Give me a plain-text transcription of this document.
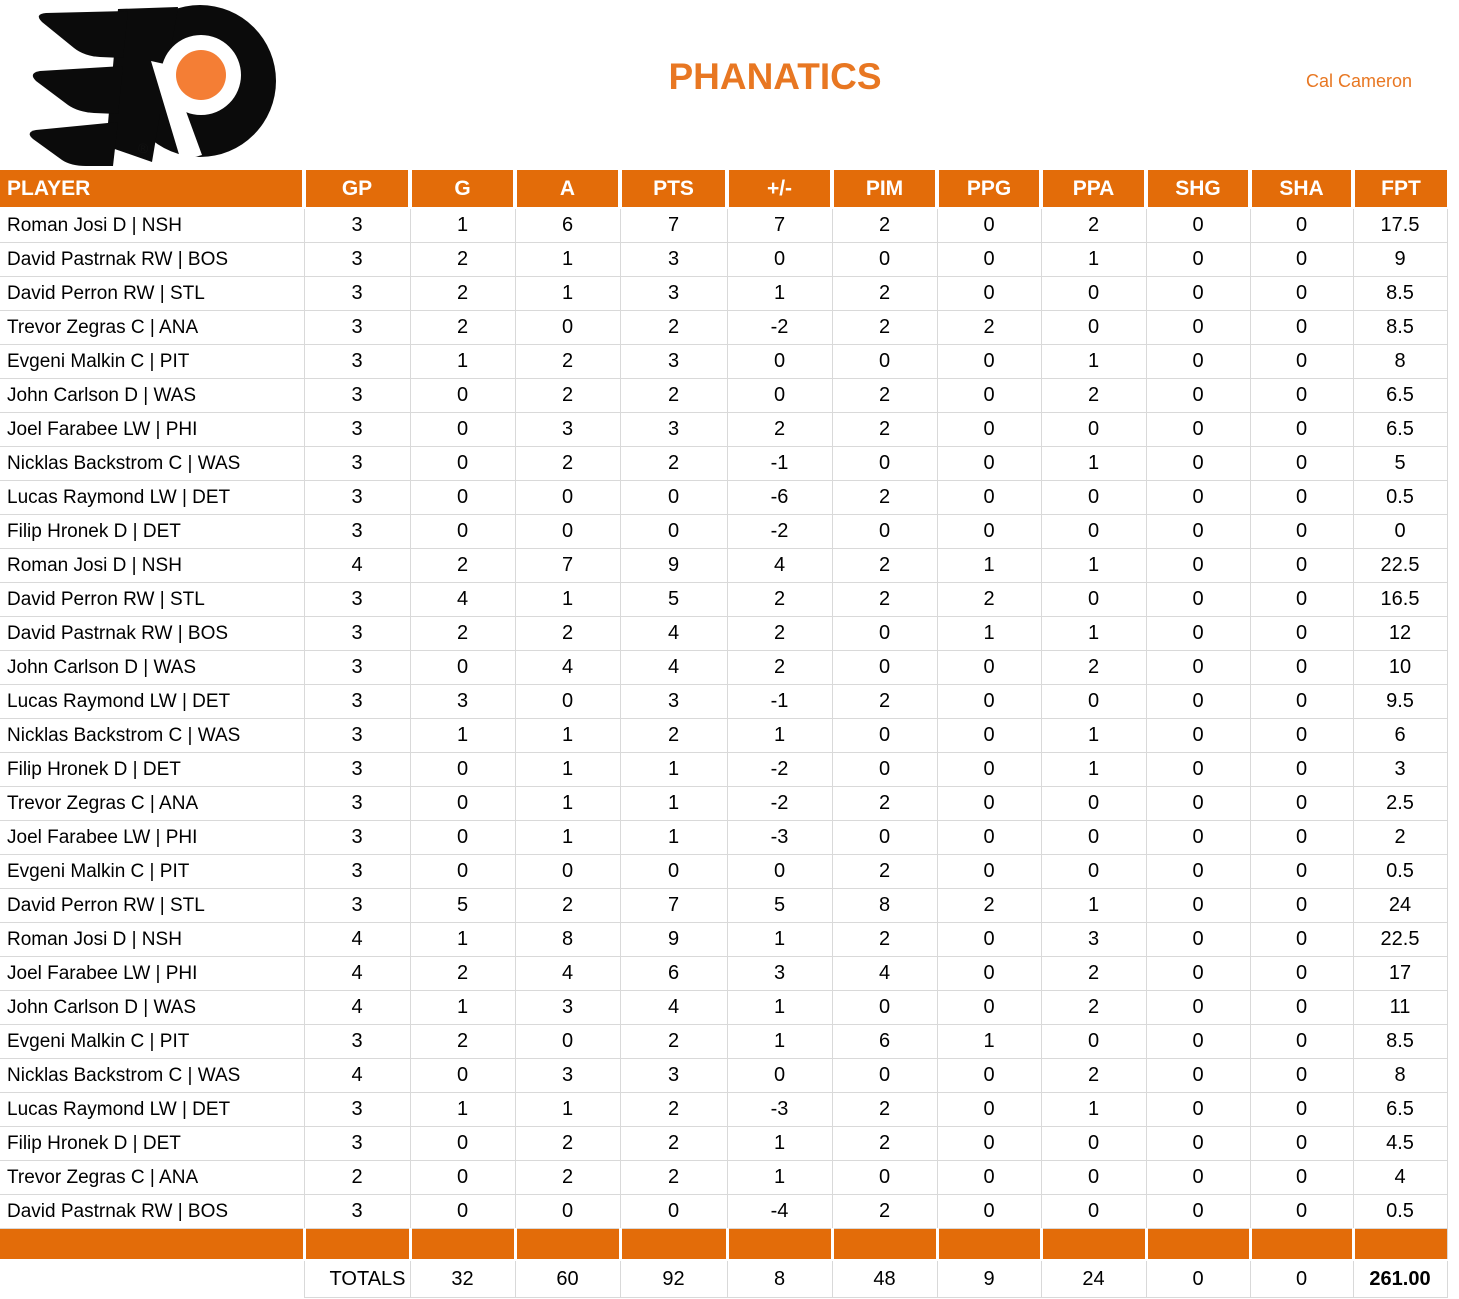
®
PHANATICS	Cal Cameron
PLAYER	GP	G	A	PTS	+/-	PIM	PPG	PPA	SHG	SHA	FPT
Roman Josi D | NSH	3	1	6	7	7	2	0	2	0	0	17.5
David Pastrnak RW | BOS	3	2	1	3	0	0	0	1	0	0	9
David Perron RW | STL	3	2	1	3	1	2	0	0	0	0	8.5
Trevor Zegras C | ANA	3	2	0	2	-2	2	2	0	0	0	8.5
Evgeni Malkin C | PIT	3	1	2	3	0	0	0	1	0	0	8
John Carlson D | WAS	3	0	2	2	0	2	0	2	0	0	6.5
Joel Farabee LW | PHI	3	0	3	3	2	2	0	0	0	0	6.5
Nicklas Backstrom C | WAS	3	0	2	2	-1	0	0	1	0	0	5
Lucas Raymond LW | DET	3	0	0	0	-6	2	0	0	0	0	0.5
Filip Hronek D | DET	3	0	0	0	-2	0	0	0	0	0	0
Roman Josi D | NSH	4	2	7	9	4	2	1	1	0	0	22.5
David Perron RW | STL	3	4	1	5	2	2	2	0	0	0	16.5
David Pastrnak RW | BOS	3	2	2	4	2	0	1	1	0	0	12
John Carlson D | WAS	3	0	4	4	2	0	0	2	0	0	10
Lucas Raymond LW | DET	3	3	0	3	-1	2	0	0	0	0	9.5
Nicklas Backstrom C | WAS	3	1	1	2	1	0	0	1	0	0	6
Filip Hronek D | DET	3	0	1	1	-2	0	0	1	0	0	3
Trevor Zegras C | ANA	3	0	1	1	-2	2	0	0	0	0	2.5
Joel Farabee LW | PHI	3	0	1	1	-3	0	0	0	0	0	2
Evgeni Malkin C | PIT	3	0	0	0	0	2	0	0	0	0	0.5
David Perron RW | STL	3	5	2	7	5	8	2	1	0	0	24
Roman Josi D | NSH	4	1	8	9	1	2	0	3	0	0	22.5
Joel Farabee LW | PHI	4	2	4	6	3	4	0	2	0	0	17
John Carlson D | WAS	4	1	3	4	1	0	0	2	0	0	11
Evgeni Malkin C | PIT	3	2	0	2	1	6	1	0	0	0	8.5
Nicklas Backstrom C | WAS	4	0	3	3	0	0	0	2	0	0	8
Lucas Raymond LW | DET	3	1	1	2	-3	2	0	1	0	0	6.5
Filip Hronek D | DET	3	0	2	2	1	2	0	0	0	0	4.5
Trevor Zegras C | ANA	2	0	2	2	1	0	0	0	0	0	4
David Pastrnak RW | BOS	3	0	0	0	-4	2	0	0	0	0	0.5

	TOTALS	32	60	92	8	48	9	24	0	0	261.00
